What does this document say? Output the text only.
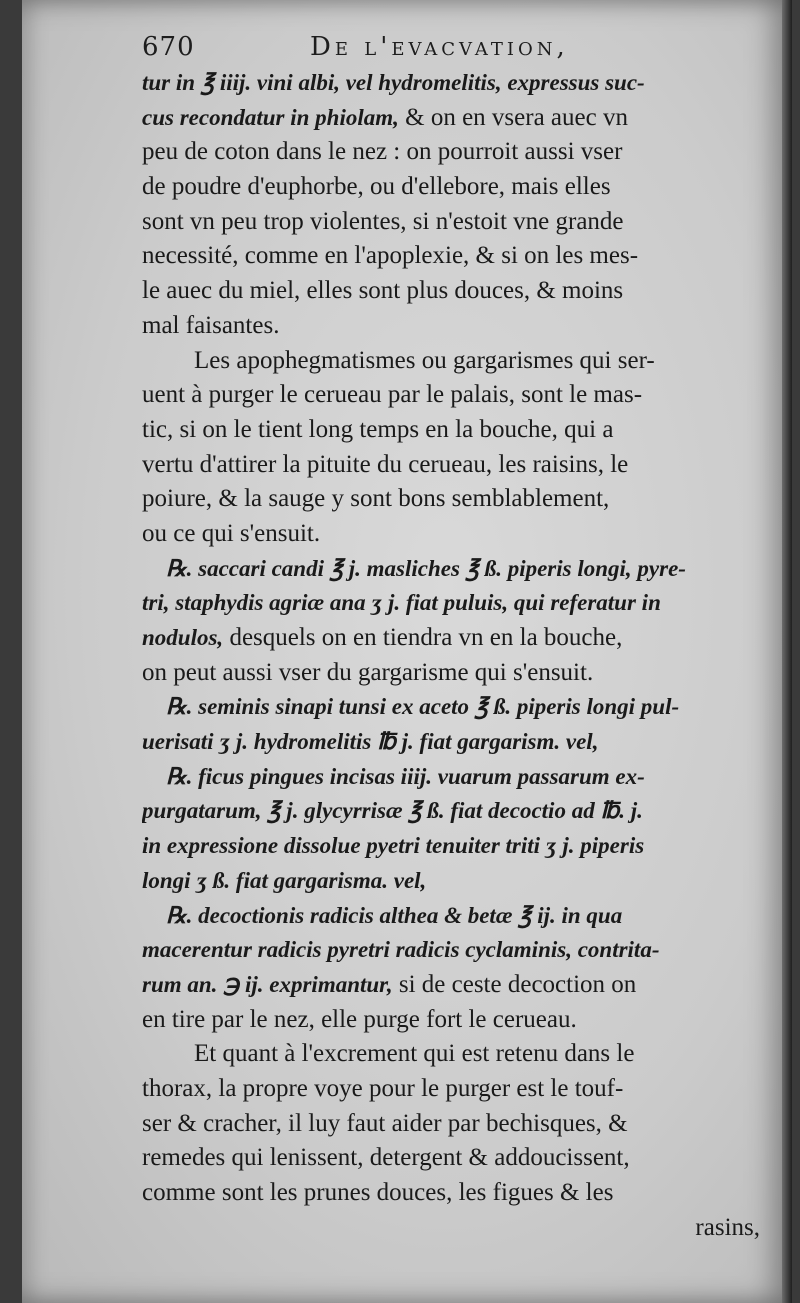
670	De l'evacvation,
tur in ℥ iiij. vini albi, vel hydromelitis, expressus suc-
cus recondatur in phiolam, & on en vsera auec vn
peu de coton dans le nez : on pourroit aussi vser
de poudre d'euphorbe, ou d'ellebore, mais elles
sont vn peu trop violentes, si n'estoit vne grande
necessité, comme en l'apoplexie, & si on les mes-
le auec du miel, elles sont plus douces, & moins
mal faisantes.
Les apophegmatismes ou gargarismes qui ser-
uent à purger le cerueau par le palais, sont le mas-
tic, si on le tient long temps en la bouche, qui a
vertu d'attirer la pituite du cerueau, les raisins, le
poiure, & la sauge y sont bons semblablement,
ou ce qui s'ensuit.
℞. saccari candi ℥ j. masliches ℥ ß. piperis longi, pyre-
tri, staphydis agriæ ana ʒ j. fiat puluis, qui referatur in
nodulos, desquels on en tiendra vn en la bouche,
on peut aussi vser du gargarisme qui s'ensuit.
℞. seminis sinapi tunsi ex aceto ℥ ß. piperis longi pul-
uerisati ʒ j. hydromelitis ℔ j. fiat gargarism. vel,
℞. ficus pingues incisas iiij. vuarum passarum ex-
purgatarum, ℥ j. glycyrrisæ ℥ ß. fiat decoctio ad ℔. j.
in expressione dissolue pyetri tenuiter triti ʒ j. piperis
longi ʒ ß. fiat gargarisma. vel,
℞. decoctionis radicis althea & betæ ℥ ij. in qua
macerentur radicis pyretri radicis cyclaminis, contrita-
rum an. ℈ ij. exprimantur, si de ceste decoction on
en tire par le nez, elle purge fort le cerueau.
Et quant à l'excrement qui est retenu dans le
thorax, la propre voye pour le purger est le touf-
ser & cracher, il luy faut aider par bechisques, &
remedes qui lenissent, detergent & addoucissent,
comme sont les prunes douces, les figues & les
rasins,
